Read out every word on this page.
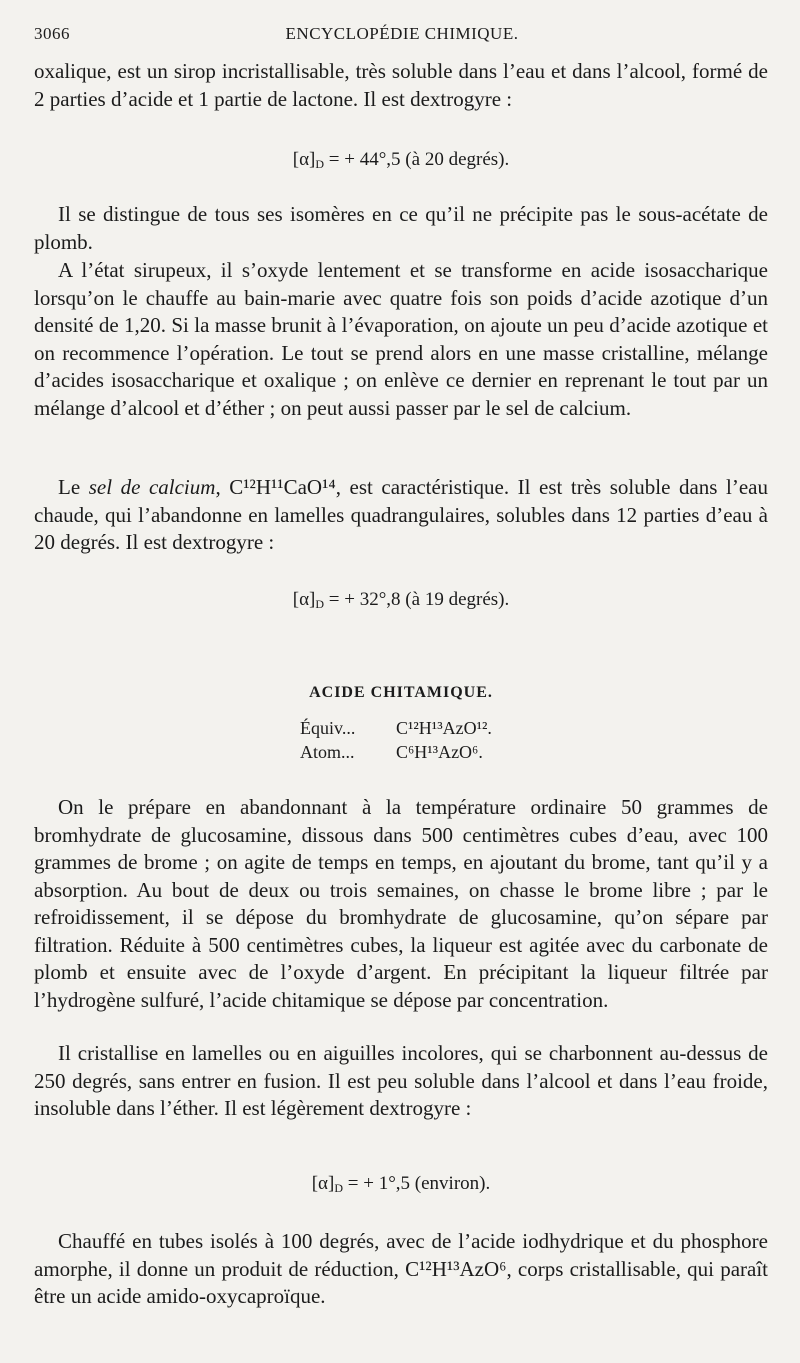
3066	ENCYCLOPÉDIE CHIMIQUE.

oxalique, est un sirop incristallisable, très soluble dans l’eau et dans l’alcool, formé de 2 parties d’acide et 1 partie de lactone. Il est dextrogyre :

$[\alpha]_D$ = + 44°,5 (à 20 degrés).

Il se distingue de tous ses isomères en ce qu’il ne précipite pas le sous-acétate de plomb.

A l’état sirupeux, il s’oxyde lentement et se transforme en acide isosaccharique lorsqu’on le chauffe au bain-marie avec quatre fois son poids d’acide azotique d’un densité de 1,20. Si la masse brunit à l’évaporation, on ajoute un peu d’acide azotique et on recommence l’opération. Le tout se prend alors en une masse cristalline, mélange d’acides isosaccharique et oxalique ; on enlève ce dernier en reprenant le tout par un mélange d’alcool et d’éther ; on peut aussi passer par le sel de calcium.

Le sel de calcium, C¹²H¹¹CaO¹⁴, est caractéristique. Il est très soluble dans l’eau chaude, qui l’abandonne en lamelles quadrangulaires, solubles dans 12 parties d’eau à 20 degrés. Il est dextrogyre :

$[\alpha]_D$ = + 32°,8 (à 19 degrés).
ACIDE CHITAMIQUE.
Équiv... C¹²H¹³AzO¹².
Atom... C⁶H¹³AzO⁶.

On le prépare en abandonnant à la température ordinaire 50 grammes de bromhydrate de glucosamine, dissous dans 500 centimètres cubes d’eau, avec 100 grammes de brome ; on agite de temps en temps, en ajoutant du brome, tant qu’il y a absorption. Au bout de deux ou trois semaines, on chasse le brome libre ; par le refroidissement, il se dépose du bromhydrate de glucosamine, qu’on sépare par filtration. Réduite à 500 centimètres cubes, la liqueur est agitée avec du carbonate de plomb et ensuite avec de l’oxyde d’argent. En précipitant la liqueur filtrée par l’hydrogène sulfuré, l’acide chitamique se dépose par concentration.

Il cristallise en lamelles ou en aiguilles incolores, qui se charbonnent au-dessus de 250 degrés, sans entrer en fusion. Il est peu soluble dans l’alcool et dans l’eau froide, insoluble dans l’éther. Il est légèrement dextrogyre :

$[\alpha]_D$ = + 1°,5 (environ).

Chauffé en tubes isolés à 100 degrés, avec de l’acide iodhydrique et du phosphore amorphe, il donne un produit de réduction, C¹²H¹³AzO⁶, corps cristallisable, qui paraît être un acide amido-oxycaproïque.
